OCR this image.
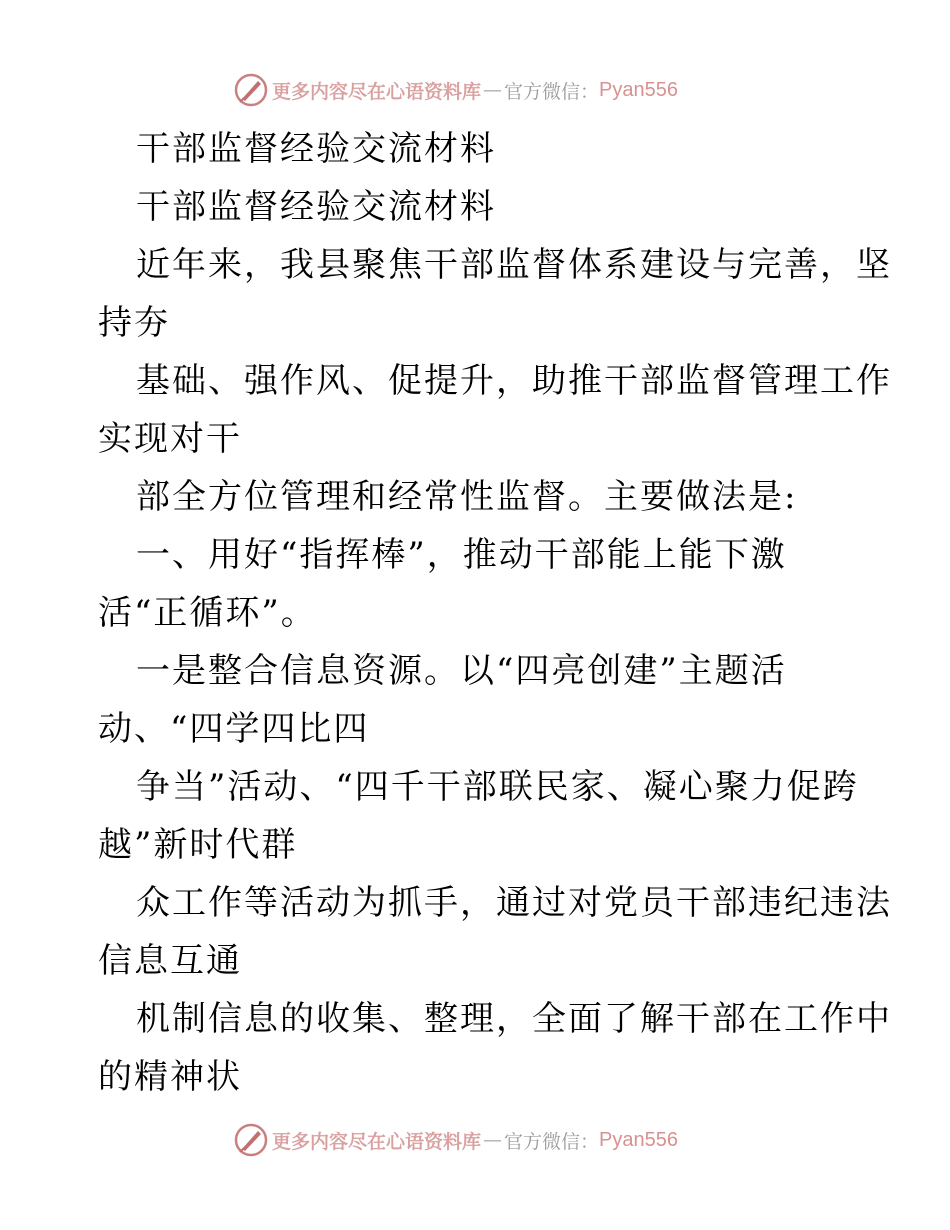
更多内容尽在心语资料库 — 官方微信： Pyan556
干部监督经验交流材料
干部监督经验交流材料
近年来，我县聚焦干部监督体系建设与完善，坚
持夯
基础、强作风、促提升，助推干部监督管理工作
实现对干
部全方位管理和经常性监督。主要做法是:
一、用好“指挥棒”，推动干部能上能下激
活“正循环”。
一是整合信息资源。以“四亮创建”主题活
动、“四学四比四
争当”活动、“四千干部联民家、凝心聚力促跨
越”新时代群
众工作等活动为抓手，通过对党员干部违纪违法
信息互通
机制信息的收集、整理，全面了解干部在工作中
的精神状
更多内容尽在心语资料库 — 官方微信： Pyan556
